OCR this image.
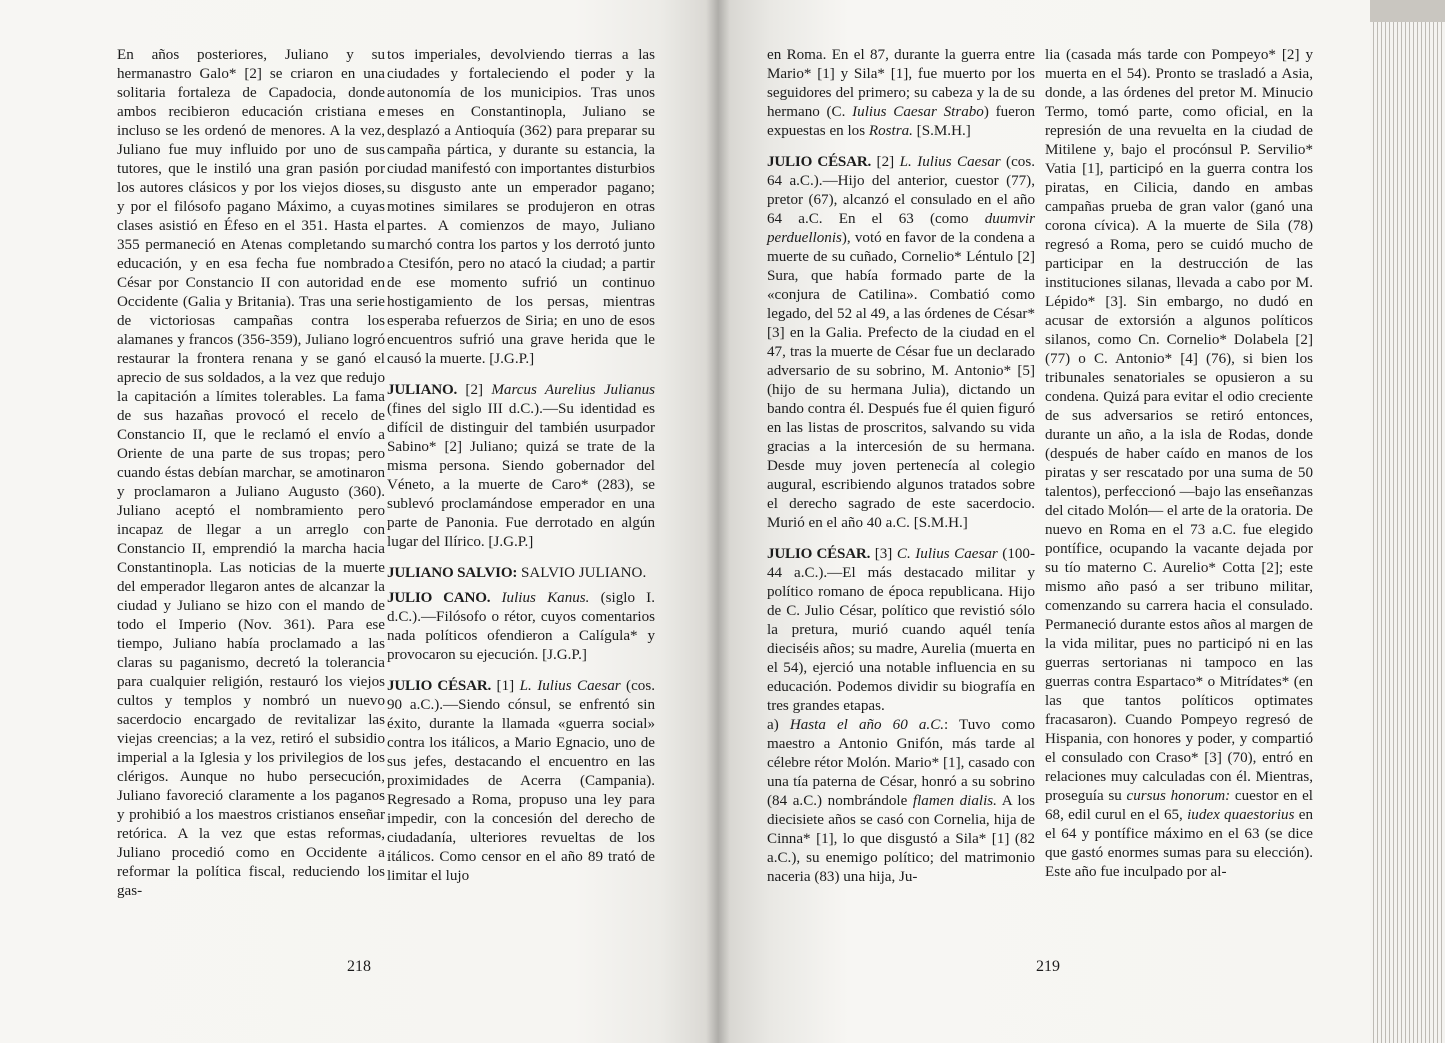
En años posteriores, Juliano y su hermanastro Galo* [2] se criaron en una solitaria fortaleza de Capadocia, donde ambos recibieron educación cristiana e incluso se les ordenó de menores. A la vez, Juliano fue muy influido por uno de sus tutores, que le instiló una gran pasión por los autores clásicos y por los viejos dioses, y por el filósofo pagano Máximo, a cuyas clases asistió en Éfeso en el 351. Hasta el 355 permaneció en Atenas completando su educación, y en esa fecha fue nombrado César por Constancio II con autoridad en Occidente (Galia y Britania). Tras una serie de victoriosas campañas contra los alamanes y francos (356-359), Juliano logró restaurar la frontera renana y se ganó el aprecio de sus soldados, a la vez que redujo la capitación a límites tolerables. La fama de sus hazañas provocó el recelo de Constancio II, que le reclamó el envío a Oriente de una parte de sus tropas; pero cuando éstas debían marchar, se amotinaron y proclamaron a Juliano Augusto (360). Juliano aceptó el nombramiento pero incapaz de llegar a un arreglo con Constancio II, emprendió la marcha hacia Constantinopla. Las noticias de la muerte del emperador llegaron antes de alcanzar la ciudad y Juliano se hizo con el mando de todo el Imperio (Nov. 361). Para ese tiempo, Juliano había proclamado a las claras su paganismo, decretó la tolerancia para cualquier religión, restauró los viejos cultos y templos y nombró un nuevo sacerdocio encargado de revitalizar las viejas creencias; a la vez, retiró el subsidio imperial a la Iglesia y los privilegios de los clérigos. Aunque no hubo persecución, Juliano favoreció claramente a los paganos y prohibió a los maestros cristianos enseñar retórica. A la vez que estas reformas, Juliano procedió como en Occidente a reformar la política fiscal, reduciendo los gas-

tos imperiales, devolviendo tierras a las ciudades y fortaleciendo el poder y la autonomía de los municipios. Tras unos meses en Constantinopla, Juliano se desplazó a Antioquía (362) para preparar su campaña pártica, y durante su estancia, la ciudad manifestó con importantes disturbios su disgusto ante un emperador pagano; motines similares se produjeron en otras partes. A comienzos de mayo, Juliano marchó contra los partos y los derrotó junto a Ctesifón, pero no atacó la ciudad; a partir de ese momento sufrió un continuo hostigamiento de los persas, mientras esperaba refuerzos de Siria; en uno de esos encuentros sufrió una grave herida que le causó la muerte. [J.G.P.]

JULIANO. [2] Marcus Aurelius Julianus (fines del siglo III d.C.).—Su identidad es difícil de distinguir del también usurpador Sabino* [2] Juliano; quizá se trate de la misma persona. Siendo gobernador del Véneto, a la muerte de Caro* (283), se sublevó proclamándose emperador en una parte de Panonia. Fue derrotado en algún lugar del Ilírico. [J.G.P.]

JULIANO SALVIO: SALVIO JULIANO.

JULIO CANO. Iulius Kanus. (siglo I. d.C.).—Filósofo o rétor, cuyos comentarios nada políticos ofendieron a Calígula* y provocaron su ejecución. [J.G.P.]

JULIO CÉSAR. [1] L. Iulius Caesar (cos. 90 a.C.).—Siendo cónsul, se enfrentó sin éxito, durante la llamada «guerra social» contra los itálicos, a Mario Egnacio, uno de sus jefes, destacando el encuentro en las proximidades de Acerra (Campania). Regresado a Roma, propuso una ley para impedir, con la concesión del derecho de ciudadanía, ulteriores revueltas de los itálicos. Como censor en el año 89 trató de limitar el lujo

218

en Roma. En el 87, durante la guerra entre Mario* [1] y Sila* [1], fue muerto por los seguidores del primero; su cabeza y la de su hermano (C. Iulius Caesar Strabo) fueron expuestas en los Rostra. [S.M.H.]

JULIO CÉSAR. [2] L. Iulius Caesar (cos. 64 a.C.).—Hijo del anterior, cuestor (77), pretor (67), alcanzó el consulado en el año 64 a.C. En el 63 (como duumvir perduellonis), votó en favor de la condena a muerte de su cuñado, Cornelio* Léntulo [2] Sura, que había formado parte de la «conjura de Catilina». Combatió como legado, del 52 al 49, a las órdenes de César* [3] en la Galia. Prefecto de la ciudad en el 47, tras la muerte de César fue un declarado adversario de su sobrino, M. Antonio* [5] (hijo de su hermana Julia), dictando un bando contra él. Después fue él quien figuró en las listas de proscritos, salvando su vida gracias a la intercesión de su hermana. Desde muy joven pertenecía al colegio augural, escribiendo algunos tratados sobre el derecho sagrado de este sacerdocio. Murió en el año 40 a.C. [S.M.H.]

JULIO CÉSAR. [3] C. Iulius Caesar (100-44 a.C.).—El más destacado militar y político romano de época republicana. Hijo de C. Julio César, político que revistió sólo la pretura, murió cuando aquél tenía dieciséis años; su madre, Aurelia (muerta en el 54), ejerció una notable influencia en su educación. Podemos dividir su biografía en tres grandes etapas.
a) Hasta el año 60 a.C.: Tuvo como maestro a Antonio Gnifón, más tarde al célebre rétor Molón. Mario* [1], casado con una tía paterna de César, honró a su sobrino (84 a.C.) nombrándole flamen dialis. A los diecisiete años se casó con Cornelia, hija de Cinna* [1], lo que disgustó a Sila* [1] (82 a.C.), su enemigo político; del matrimonio naceria (83) una hija, Ju-

lia (casada más tarde con Pompeyo* [2] y muerta en el 54). Pronto se trasladó a Asia, donde, a las órdenes del pretor M. Minucio Termo, tomó parte, como oficial, en la represión de una revuelta en la ciudad de Mitilene y, bajo el procónsul P. Servilio* Vatia [1], participó en la guerra contra los piratas, en Cilicia, dando en ambas campañas prueba de gran valor (ganó una corona cívica). A la muerte de Sila (78) regresó a Roma, pero se cuidó mucho de participar en la destrucción de las instituciones silanas, llevada a cabo por M. Lépido* [3]. Sin embargo, no dudó en acusar de extorsión a algunos políticos silanos, como Cn. Cornelio* Dolabela [2] (77) o C. Antonio* [4] (76), si bien los tribunales senatoriales se opusieron a su condena. Quizá para evitar el odio creciente de sus adversarios se retiró entonces, durante un año, a la isla de Rodas, donde (después de haber caído en manos de los piratas y ser rescatado por una suma de 50 talentos), perfeccionó —bajo las enseñanzas del citado Molón— el arte de la oratoria. De nuevo en Roma en el 73 a.C. fue elegido pontífice, ocupando la vacante dejada por su tío materno C. Aurelio* Cotta [2]; este mismo año pasó a ser tribuno militar, comenzando su carrera hacia el consulado. Permaneció durante estos años al margen de la vida militar, pues no participó ni en las guerras sertorianas ni tampoco en las guerras contra Espartaco* o Mitrídates* (en las que tantos políticos optimates fracasaron). Cuando Pompeyo regresó de Hispania, con honores y poder, y compartió el consulado con Craso* [3] (70), entró en relaciones muy calculadas con él. Mientras, proseguía su cursus honorum: cuestor en el 68, edil curul en el 65, iudex quaestorius en el 64 y pontífice máximo en el 63 (se dice que gastó enormes sumas para su elección). Este año fue inculpado por al-

219
